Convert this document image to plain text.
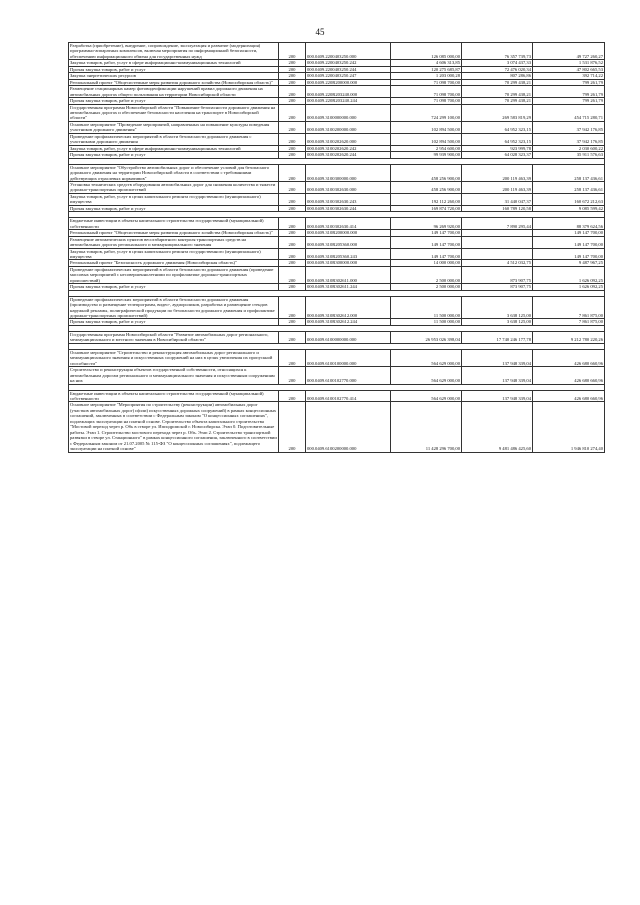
45
Разработка (приобретение), внедрение, сопровождение, эксплуатация и развитие (модернизация) программно-аппаратных комплексов, включая мероприятия по информационной безопасности, обеспечению информационного обмена для государственных нужд	200	000.0409.2200403250.000	126 085 000,00	76 357 739,73	49 727 260,27
Закупка товаров, работ, услуг в сфере информационно-коммуникационных технологий	200	000.0409.2200403250.242	4 606 313,85	3 074 437,33	1 531 876,52
Прочая закупка товаров, работ и услуг	200	000.0409.2200403250.244	120 275 685,87	72 476 020,34	47 802 665,53
Закупка энергетических ресурсов	200	000.0409.2200403250.247	1 203 000,28	807 286,86	392 714,22
Региональный проект "Общесистемные меры развития дорожного хозяйства (Новосибирская область)"	200	000.0409.220R200000.000	71 098 700,00	70 299 438,21	799 261,79
Размещение стационарных камер фотовидеофиксации нарушений правил дорожного движения на автомобильных дорогах общего пользования на территории Новосибирской области	200	000.0409.220R203240.000	71 098 700,00	70 299 438,21	799 261,79
Прочая закупка товаров, работ и услуг	200	000.0409.220R203240.244	71 098 700,00	70 299 438,21	799 261,79
Государственная программа Новосибирской области "Повышение безопасности дорожного движения на автомобильных дорогах и обеспечение безопасности населения на транспорте в Новосибирской области"	200	000.0409.3100000000.000	724 299 100,00	269 583 819,29	454 715 280,71
Основное мероприятие "Проведение мероприятий, направленных на повышение культуры поведения участников дорожного движения"	200	000.0409.3100200000.000	102 894 500,00	64 952 323,15	37 942 176,85
Проведение профилактических мероприятий в области безопасности дорожного движения с участниками дорожного движения	200	000.0409.3100202620.000	102 894 500,00	64 952 323,15	37 942 176,85
Закупка товаров, работ, услуг в сфере информационно-коммуникационных технологий	200	000.0409.3100202620.242	2 954 600,00	923 999,78	2 030 600,22
Прочая закупка товаров, работ и услуг	200	000.0409.3100202620.244	99 939 900,00	64 028 323,37	35 911 576,63

Основное мероприятие "Обустройство автомобильных дорог и обеспечение условий для безопасного дорожного движения на территории Новосибирской области в соответствии с требованиями действующих отраслевых нормативов"	200	000.0409.3100300000.000	458 256 900,00	200 119 463,39	258 137 436,61
Установка технических средств оборудования автомобильных дорог для снижения количества и тяжести дорожно-транспортных происшествий	200	000.0409.3100302630.000	458 256 900,00	200 119 463,39	258 137 436,61
Закупка товаров, работ, услуг в целях капитального ремонта государственного (муниципального) имущества	200	000.0409.3100302630.243	192 112 260,00	31 440 047,37	160 672 212,63
Прочая закупка товаров, работ и услуг	200	000.0409.3100302630.244	169 874 720,00	160 789 120,58	9 085 599,42

Бюджетные инвестиции в объекты капитального строительства государственной (муниципальной) собственности	200	000.0409.3100302630.414	96 269 920,00	7 890 295,44	88 379 624,56
Региональный проект "Общесистемные меры развития дорожного хозяйства (Новосибирская область)"	200	000.0409.310R200000.000	149 147 700,00		149 147 700,00
Размещение автоматических пунктов весогабаритного контроля транспортных средств на автомобильных дорогах регионального и межмуниципального значения	200	000.0409.310R205360.000	149 147 700,00		149 147 700,00
Закупка товаров, работ, услуг в целях капитального ремонта государственного (муниципального) имущества	200	000.0409.310R205360.243	149 147 700,00		149 147 700,00
Региональный проект "Безопасность дорожного движения (Новосибирская область)"	200	000.0409.310R300000.000	14 000 000,00	4 512 032,75	9 487 967,25
Проведение профилактических мероприятий в области безопасности дорожного движения (проведение массовых мероприятий с несовершеннолетними по профилактике дорожно-транспортных происшествий)	200	000.0409.310R302611.000	2 500 000,00	873 907,75	1 626 092,25
Прочая закупка товаров, работ и услуг	200	000.0409.310R302611.244	2 500 000,00	873 907,75	1 626 092,25

Проведение профилактических мероприятий в области безопасности дорожного движения (производство и размещение телепрограмм, видео-, аудиороликов, разработка и размещение стендов наружной рекламы, полиграфической продукции по безопасности дорожного движения и профилактике дорожно-транспортных происшествий)	200	000.0409.310R302612.000	11 500 000,00	3 638 125,00	7 861 875,00
Прочая закупка товаров, работ и услуг	200	000.0409.310R302612.244	11 500 000,00	3 638 125,00	7 861 875,00

Государственная программа Новосибирской области "Развитие автомобильных дорог регионального, межмуниципального и местного значения в Новосибирской области"	200	000.0409.6100000000.000	26 953 026 398,04	17 740 246 177,78	9 212 780 220,26

Основное мероприятие "Строительство и реконструкция автомобильных дорог регионального и межмуниципального значения и искусственных сооружений на них в целях увеличения их пропускной способности"	200	000.0409.6100100000.000	564 629 000,00	137 948 339,04	426 680 660,96
Строительство и реконструкция объектов государственной собственности, относящихся к автомобильным дорогам регионального и межмуниципального значения и искусственным сооружениям на них	200	000.0409.6100102770.000	564 629 000,00	137 948 339,04	426 680 660,96

Бюджетные инвестиции в объекты капитального строительства государственной (муниципальной) собственности	200	000.0409.6100102770.414	564 629 000,00	137 948 339,04	426 680 660,96
Основное мероприятие "Мероприятия по строительству (реконструкции) автомобильных дорог (участков автомобильных дорог) и(или) искусственных дорожных сооружений) в рамках концессионных соглашений, заключенных в соответствии с Федеральным законом "О концессионных соглашениях", подлежащих эксплуатации на платной основе. Строительство объекта капитального строительства "Мостовой переход через р. Обь в створе ул. Ипподромской г. Новосибирска. Этап 0. Подготовительные работы. Этап 1. Строительство мостового перехода через р. Обь. Этап 2. Строительство транспортной развязки в створе ул. Станционного" в рамках концессионного соглашения, заключенного в соответствии с Федеральным законом от 21.07.2005 № 115-ФЗ "О концессионных соглашениях", подлежащего эксплуатации на платной основе"	200	000.0409.6100200000.000	11 428 296 700,00	9 481 486 425,60	1 946 810 274,40
